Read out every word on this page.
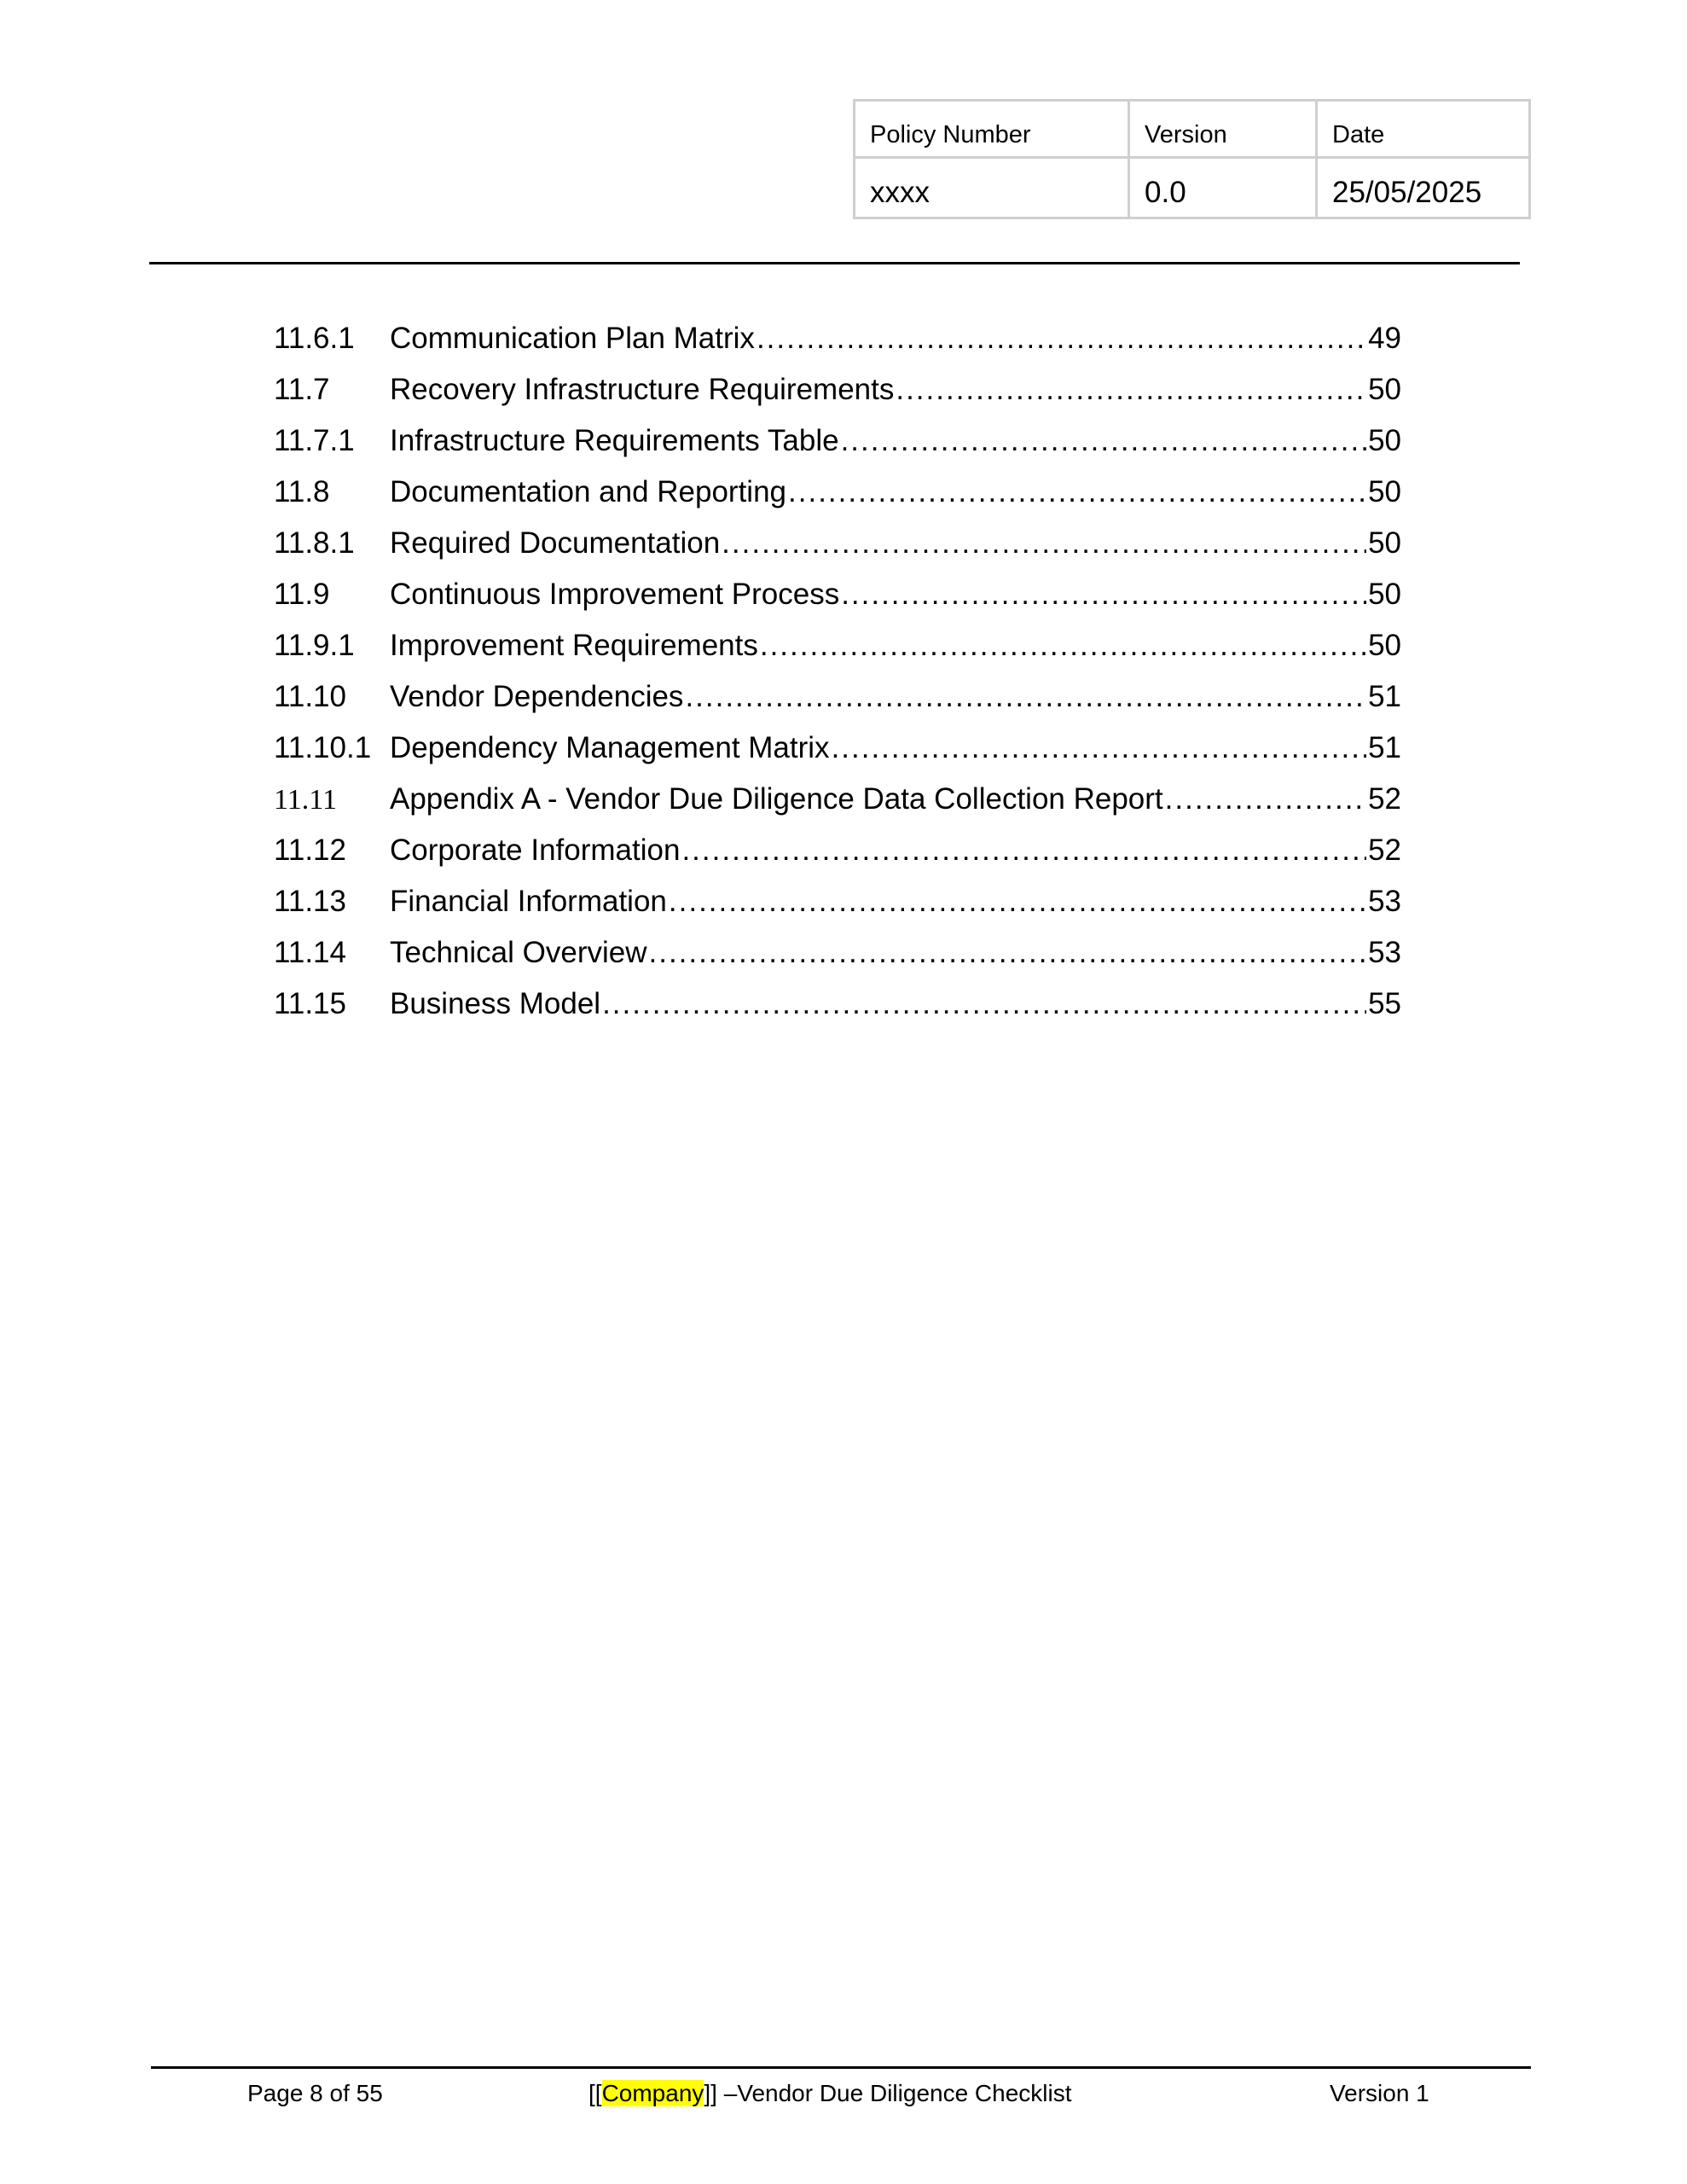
Policy Number	Version	Date
xxxx	0.0	25/05/2025
11.6.1	Communication Plan Matrix .....	49
11.7	Recovery Infrastructure Requirements .....	50
11.7.1	Infrastructure Requirements Table .....	50
11.8	Documentation and Reporting .....	50
11.8.1	Required Documentation .....	50
11.9	Continuous Improvement Process .....	50
11.9.1	Improvement Requirements .....	50
11.10	Vendor Dependencies .....	51
11.10.1 Dependency Management Matrix .....	51
11.11	Appendix A - Vendor Due Diligence Data Collection Report .....	52
11.12	Corporate Information .....	52
11.13	Financial Information .....	53
11.14	Technical Overview .....	53
11.15	Business Model .....	55
Page 8 of 55	[[Company]] –Vendor Due Diligence Checklist	Version 1
